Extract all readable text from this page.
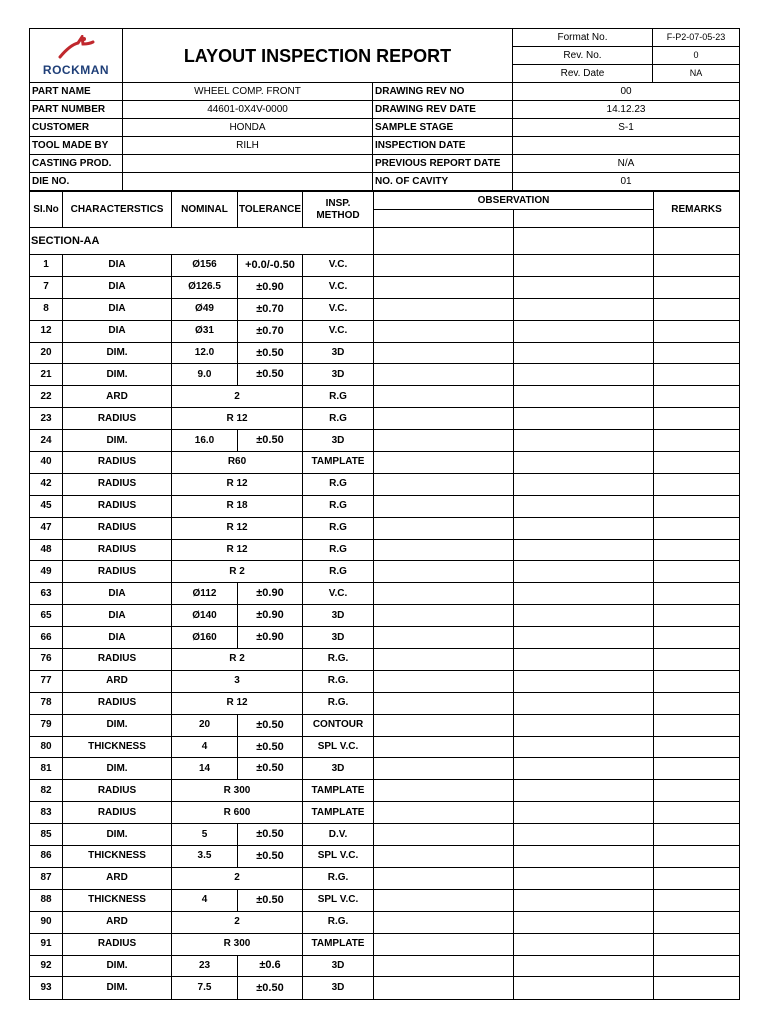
ROCKMAN	LAYOUT INSPECTION REPORT		Format No.	F-P2-07-05-23
			Rev. No.	0
			Rev. Date	NA
PART NAME	WHEEL COMP. FRONT	DRAWING REV NO	00	
PART NUMBER	44601-0X4V-0000	DRAWING REV DATE	14.12.23	
CUSTOMER	HONDA	SAMPLE STAGE	S-1	
TOOL MADE BY	RILH	INSPECTION DATE		
CASTING PROD.		PREVIOUS REPORT DATE	N/A	
DIE NO.		NO. OF CAVITY	01	
SI.No	CHARACTERSTICS	NOMINAL	TOLERANCE	INSP.
METHOD	OBSERVATION		REMARKS

SECTION-AA							
1	DIA	Ø156	+0.0/-0.50	V.C.			
7	DIA	Ø126.5	±0.90	V.C.			
8	DIA	Ø49	±0.70	V.C.			
12	DIA	Ø31	±0.70	V.C.			
20	DIM.	12.0	±0.50	3D			
21	DIM.	9.0	±0.50	3D			
22	ARD	2		R.G			
23	RADIUS	R 12		R.G			
24	DIM.	16.0	±0.50	3D			
40	RADIUS	R60		TAMPLATE			
42	RADIUS	R 12		R.G			
45	RADIUS	R 18		R.G			
47	RADIUS	R 12		R.G			
48	RADIUS	R 12		R.G			
49	RADIUS	R 2		R.G			
63	DIA	Ø112	±0.90	V.C.			
65	DIA	Ø140	±0.90	3D			
66	DIA	Ø160	±0.90	3D			
76	RADIUS	R 2		R.G.			
77	ARD	3		R.G.			
78	RADIUS	R 12		R.G.			
79	DIM.	20	±0.50	CONTOUR			
80	THICKNESS	4	±0.50	SPL V.C.			
81	DIM.	14	±0.50	3D			
82	RADIUS	R 300		TAMPLATE			
83	RADIUS	R 600		TAMPLATE			
85	DIM.	5	±0.50	D.V.			
86	THICKNESS	3.5	±0.50	SPL V.C.			
87	ARD	2		R.G.			
88	THICKNESS	4	±0.50	SPL V.C.			
90	ARD	2		R.G.			
91	RADIUS	R 300		TAMPLATE			
92	DIM.	23	±0.6	3D			
93	DIM.	7.5	±0.50	3D			
